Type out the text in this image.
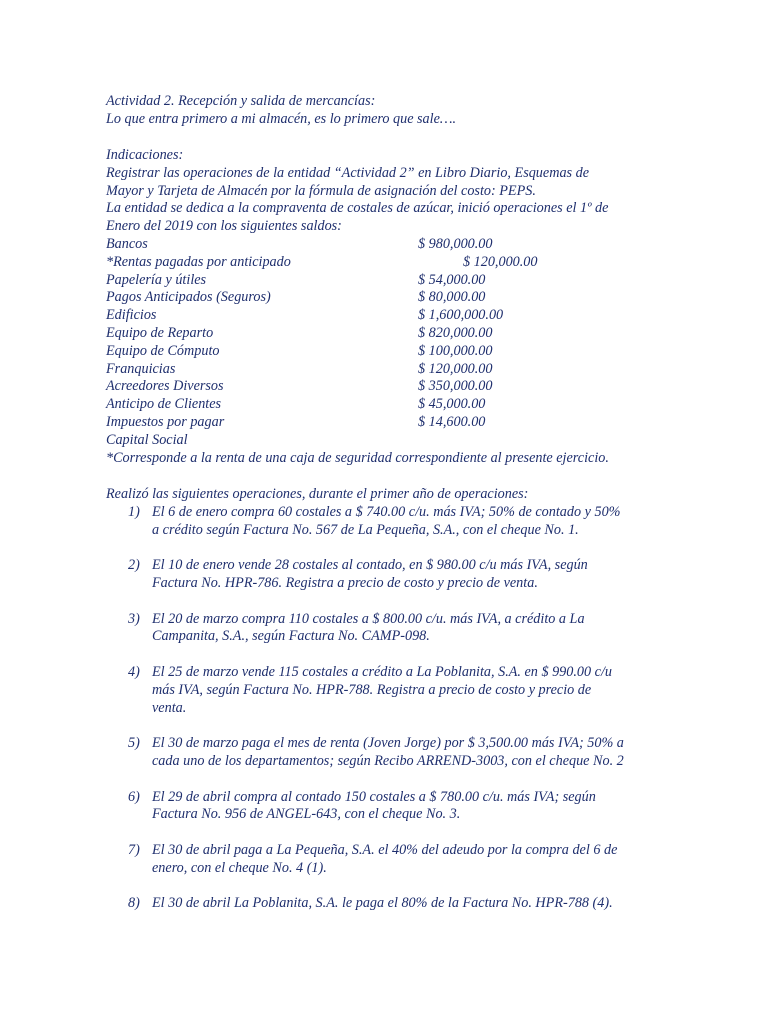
Actividad 2. Recepción y salida de mercancías:
Lo que entra primero a mi almacén, es lo primero que sale….
Indicaciones:
Registrar las operaciones de la entidad “Actividad 2” en Libro Diario, Esquemas de
Mayor y Tarjeta de Almacén por la fórmula de asignación del costo: PEPS.
La entidad se dedica a la compraventa de costales de azúcar, inició operaciones el 1º de
Enero del 2019 con los siguientes saldos:
Bancos	$ 980,000.00
*Rentas pagadas por anticipado	$ 120,000.00
Papelería y útiles	$ 54,000.00
Pagos Anticipados (Seguros)	$ 80,000.00
Edificios	$ 1,600,000.00
Equipo de Reparto	$ 820,000.00
Equipo de Cómputo	$ 100,000.00
Franquicias	$ 120,000.00
Acreedores Diversos	$ 350,000.00
Anticipo de Clientes	$ 45,000.00
Impuestos por pagar	$ 14,600.00
Capital Social
*Corresponde a la renta de una caja de seguridad correspondiente al presente ejercicio.
Realizó las siguientes operaciones, durante el primer año de operaciones:
1) El 6 de enero compra 60 costales a $ 740.00 c/u. más IVA; 50% de contado y 50%
a crédito según Factura No. 567 de La Pequeña, S.A., con el cheque No. 1.
2) El 10 de enero vende 28 costales al contado, en $ 980.00 c/u más IVA, según
Factura No. HPR-786. Registra a precio de costo y precio de venta.
3) El 20 de marzo compra 110 costales a $ 800.00 c/u. más IVA, a crédito a La
Campanita, S.A., según Factura No. CAMP-098.
4) El 25 de marzo vende 115 costales a crédito a La Poblanita, S.A. en $ 990.00 c/u
más IVA, según Factura No. HPR-788. Registra a precio de costo y precio de
venta.
5) El 30 de marzo paga el mes de renta (Joven Jorge) por $ 3,500.00 más IVA; 50% a
cada uno de los departamentos; según Recibo ARREND-3003, con el cheque No. 2
6) El 29 de abril compra al contado 150 costales a $ 780.00 c/u. más IVA; según
Factura No. 956 de ANGEL-643, con el cheque No. 3.
7) El 30 de abril paga a La Pequeña, S.A. el 40% del adeudo por la compra del 6 de
enero, con el cheque No. 4 (1).
8) El 30 de abril La Poblanita, S.A. le paga el 80% de la Factura No. HPR-788 (4).
